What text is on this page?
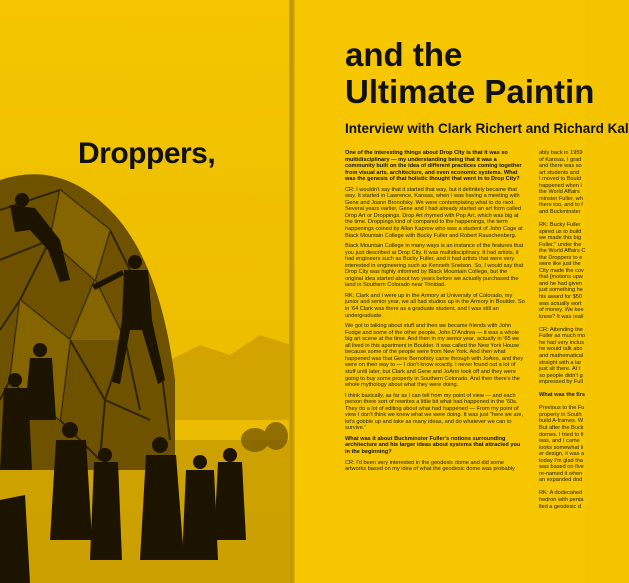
Droppers,
and the
Ultimate Paintin
Interview with Clark Richert and Richard Kal

One of the interesting things about Drop City is that it was so multidisciplinary — my understanding being that it was a community built on the idea of different practices coming together from visual arts, architecture, and even economic systems. What was the genesis of that holistic thought that went in to Drop City?

CR: I wouldn't say that it started that way, but it definitely became that way. It started in Lawrence, Kansas, when I was having a meeting with Gene and Joann Bronofsky. We were contemplating what to do next. Several years earlier, Gene and I had already started an art form called Drop Art or Droppings. Drop Art rhymed with Pop Art, which was big at the time. Droppings kind of compared to the happenings, the term happenings coined by Allan Kaprow who was a student of John Cage at Black Mountain College with Bucky Fuller and Robert Rauschenberg.

Black Mountain College in many ways is an instance of the features that you just described at Drop City. It was multidisciplinary. It had artists, it had engineers such as Bucky Fuller, and it had artists that were very interested in engineering such as Kenneth Snelson. So, I would say that Drop City was highly informed by Black Mountain College, but the original idea started about two years before we actually purchased the land in Southern Colorado near Trinidad.

RK: Clark and I were up in the Armory at University of Colorado, my junior and senior year, we all had studios up in the Armory in Boulder. So in '64 Clark was there as a graduate student, and I was still an undergraduate.

We got to talking about stuff and then we became friends with John Fudge and some of the other people, John D'Andrea — it was a whole big art scene at the time. And then in my senior year, actually in '65 we all lived in this apartment in Boulder. It was called the New York House because some of the people were from New York. And then what happened was that Gene Bernofsky came through with JoAnn, and they were on their way to — I don't know exactly. I never found out a lot of stuff until later, but Clark and Gene and JoAnn took off and they were going to buy some property in Southern Colorado. And then there's the whole mythology about what they were doing.

I think basically, as far as I can tell from my point of view — and each person there sort of rewrites a little bit what had happened in the '60s. They do a lot of editing about what had happened — From my point of view I don't think we knew what we were doing. It was just "here we are, let's gobble up and take as many ideas, and do whatever we can to survive."

What was it about Buckminster Fuller's notions surrounding architecture and his larger ideas about systems that attracted you in the beginning?

CR: I'd been very interested in the geodesic dome and did some artworks based on my idea of what the geodesic dome was probably

ably back in 1959
of Kansas, I grad
and there was so
art students and
I moved to Bould
happened when I
the World Affairs
minster Fuller, wh
there too, and to f
and Buckminster

RK: Bucky Fuller
spired us to build
we made this big
Fuller," under the
the World Affairs C
the Droppers to e
were like just the
City made the cov
that [motions upw
and he had given
just something he
his award for $50
was actually wort
of money. We kee
know? It was reall

CR: Attending the
Fuller as much mo
he had very inclus
he would talk abo
and mathematical
straight with a lar
just sit there. At t
so people didn't g
impressed by Full

What was the firs

Previous to the Fu
property in South
build A-frames. W
But after the Buck
domes. I tried to fi
was, and I came
looks somewhat li
er design, it was a
today I'm glad tha
was based on five
re-named it when
an expanded dod

RK: A dodecahed
hedron with penta
lled a geodesic d
